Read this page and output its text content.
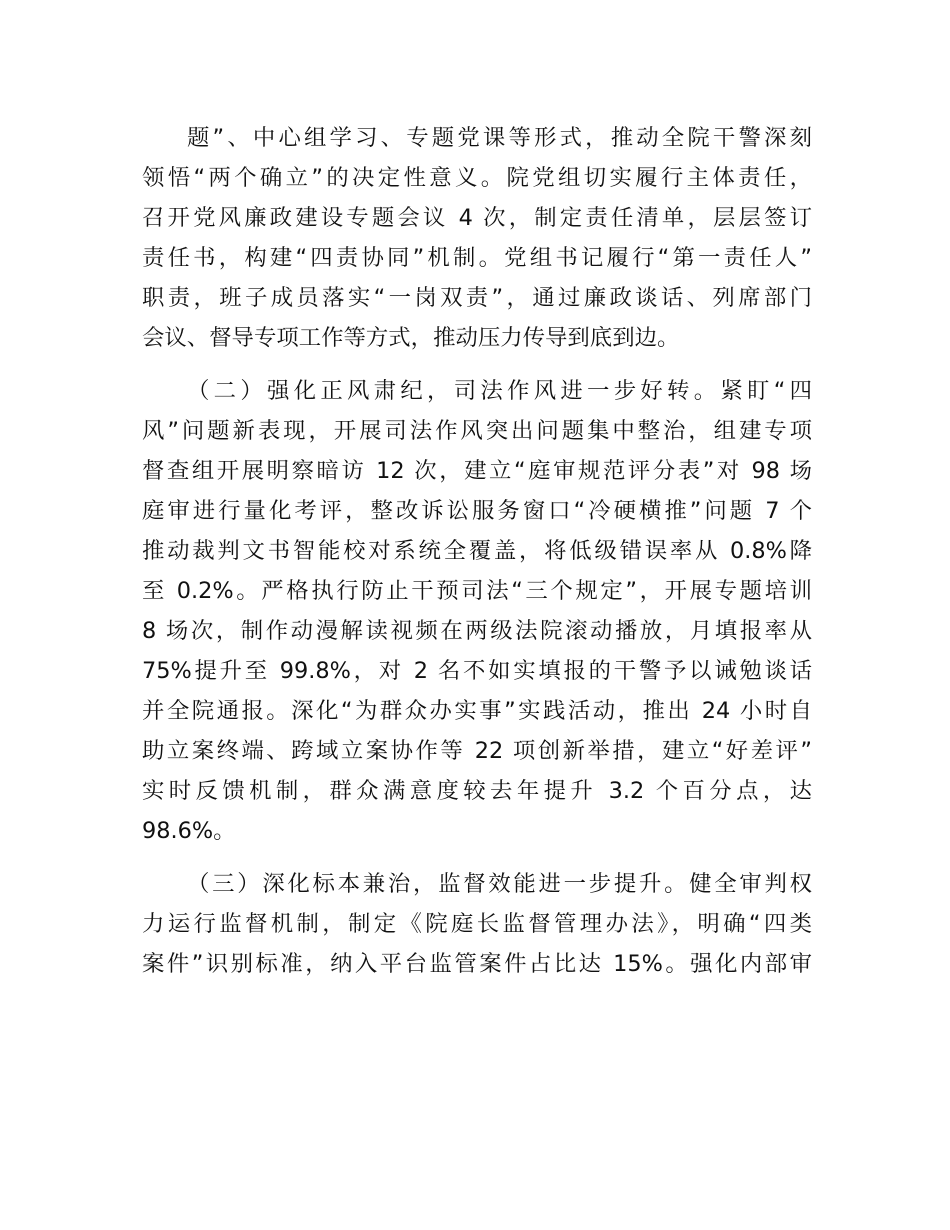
题”、中心组学习、专题党课等形式，推动全院干警深刻
领悟“两个确立”的决定性意义。院党组切实履行主体责任，
召开党风廉政建设专题会议 4 次，制定责任清单，层层签订
责任书，构建“四责协同”机制。党组书记履行“第一责任人”
职责，班子成员落实“一岗双责”，通过廉政谈话、列席部门
会议、督导专项工作等方式，推动压力传导到底到边。
（二）强化正风肃纪，司法作风进一步好转。紧盯“四
风”问题新表现，开展司法作风突出问题集中整治，组建专项
督查组开展明察暗访 12 次，建立“庭审规范评分表”对 98 场
庭审进行量化考评，整改诉讼服务窗口“冷硬横推”问题 7 个
推动裁判文书智能校对系统全覆盖，将低级错误率从 0.8%降
至 0.2%。严格执行防止干预司法“三个规定”，开展专题培训
8 场次，制作动漫解读视频在两级法院滚动播放，月填报率从
75%提升至 99.8%，对 2 名不如实填报的干警予以诫勉谈话
并全院通报。深化“为群众办实事”实践活动，推出 24 小时自
助立案终端、跨域立案协作等 22 项创新举措，建立“好差评”
实时反馈机制，群众满意度较去年提升 3.2 个百分点，达
98.6%。
（三）深化标本兼治，监督效能进一步提升。健全审判权
力运行监督机制，制定《院庭长监督管理办法》，明确“四类
案件”识别标准，纳入平台监管案件占比达 15%。强化内部审
